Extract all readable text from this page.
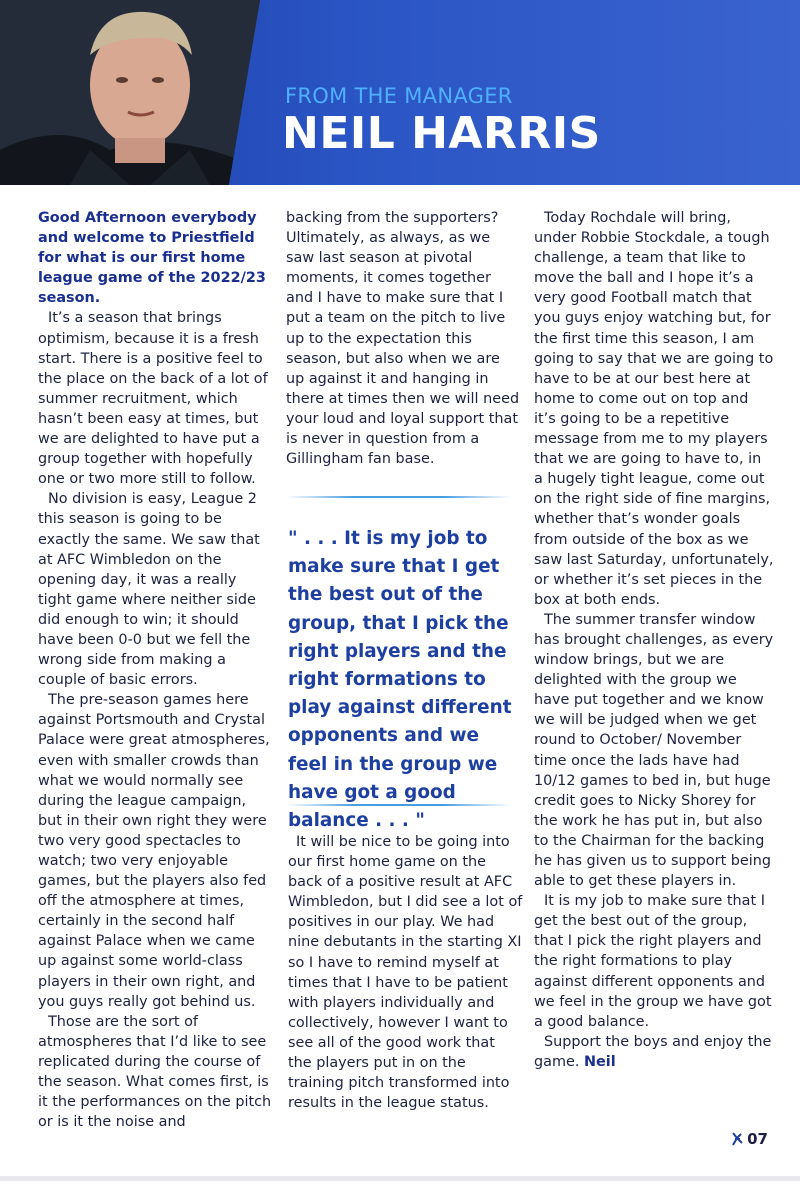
FROM THE MANAGER
NEIL HARRIS

Good Afternoon everybody and welcome to Priestfield for what is our first home league game of the 2022/23 season.

It’s a season that brings optimism, because it is a fresh start. There is a positive feel to the place on the back of a lot of summer recruitment, which hasn’t been easy at times, but we are delighted to have put a group together with hopefully one or two more still to follow.

No division is easy, League 2 this season is going to be exactly the same. We saw that at AFC Wimbledon on the opening day, it was a really tight game where neither side did enough to win; it should have been 0-0 but we fell the wrong side from making a couple of basic errors.

The pre-season games here against Portsmouth and Crystal Palace were great atmospheres, even with smaller crowds than what we would normally see during the league campaign, but in their own right they were two very good spectacles to watch; two very enjoyable games, but the players also fed off the atmosphere at times, certainly in the second half against Palace when we came up against some world-class players in their own right, and you guys really got behind us.

Those are the sort of atmospheres that I’d like to see replicated during the course of the season. What comes first, is it the performances on the pitch or is it the noise and

backing from the supporters? Ultimately, as always, as we saw last season at pivotal moments, it comes together and I have to make sure that I put a team on the pitch to live up to the expectation this season, but also when we are up against it and hanging in there at times then we will need your loud and loyal support that is never in question from a Gillingham fan base.

" . . . It is my job to make sure that I get the best out of the group, that I pick the right players and the right formations to play against different opponents and we feel in the group we have got a good balance . . . "

It will be nice to be going into our first home game on the back of a positive result at AFC Wimbledon, but I did see a lot of positives in our play. We had nine debutants in the starting XI so I have to remind myself at times that I have to be patient with players individually and collectively, however I want to see all of the good work that the players put in on the training pitch transformed into results in the league status.

Today Rochdale will bring, under Robbie Stockdale, a tough challenge, a team that like to move the ball and I hope it’s a very good Football match that you guys enjoy watching but, for the first time this season, I am going to say that we are going to have to be at our best here at home to come out on top and it’s going to be a repetitive message from me to my players that we are going to have to, in a hugely tight league, come out on the right side of fine margins, whether that’s wonder goals from outside of the box as we saw last Saturday, unfortunately, or whether it’s set pieces in the box at both ends.

The summer transfer window has brought challenges, as every window brings, but we are delighted with the group we have put together and we know we will be judged when we get round to October/ November time once the lads have had 10/12 games to bed in, but huge credit goes to Nicky Shorey for the work he has put in, but also to the Chairman for the backing he has given us to support being able to get these players in.

It is my job to make sure that I get the best out of the group, that I pick the right players and the right formations to play against different opponents and we feel in the group we have got a good balance.

Support the boys and enjoy the game. Neil

07
